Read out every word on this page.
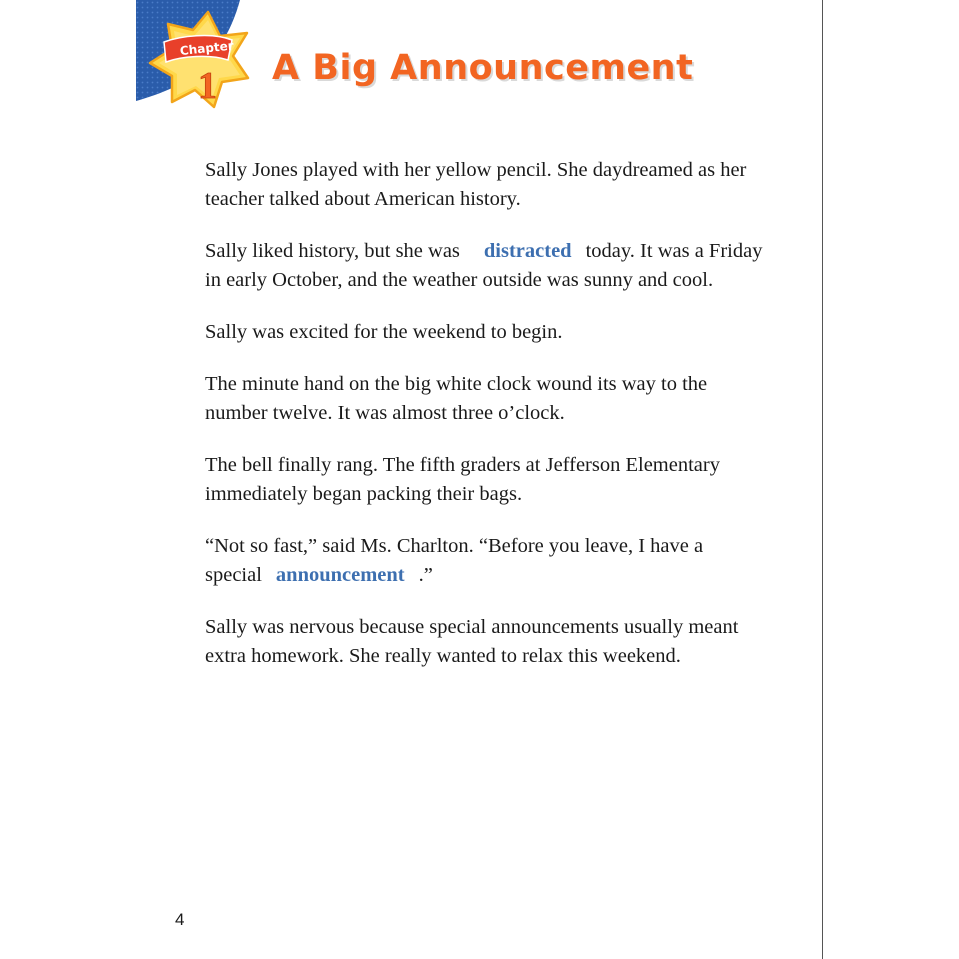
Chapter
1 A Big Announcement

Sally Jones played with her yellow pencil. She daydreamed as her teacher talked about American history.

Sally liked history, but she was distracted today. It was a Friday in early October, and the weather outside was sunny and cool.

Sally was excited for the weekend to begin.

The minute hand on the big white clock wound its way to the number twelve. It was almost three o’clock.

The bell finally rang. The fifth graders at Jefferson Elementary immediately began packing their bags.

“Not so fast,” said Ms. Charlton. “Before you leave, I have a special announcement .”

Sally was nervous because special announcements usually meant extra homework. She really wanted to relax this weekend.

4
